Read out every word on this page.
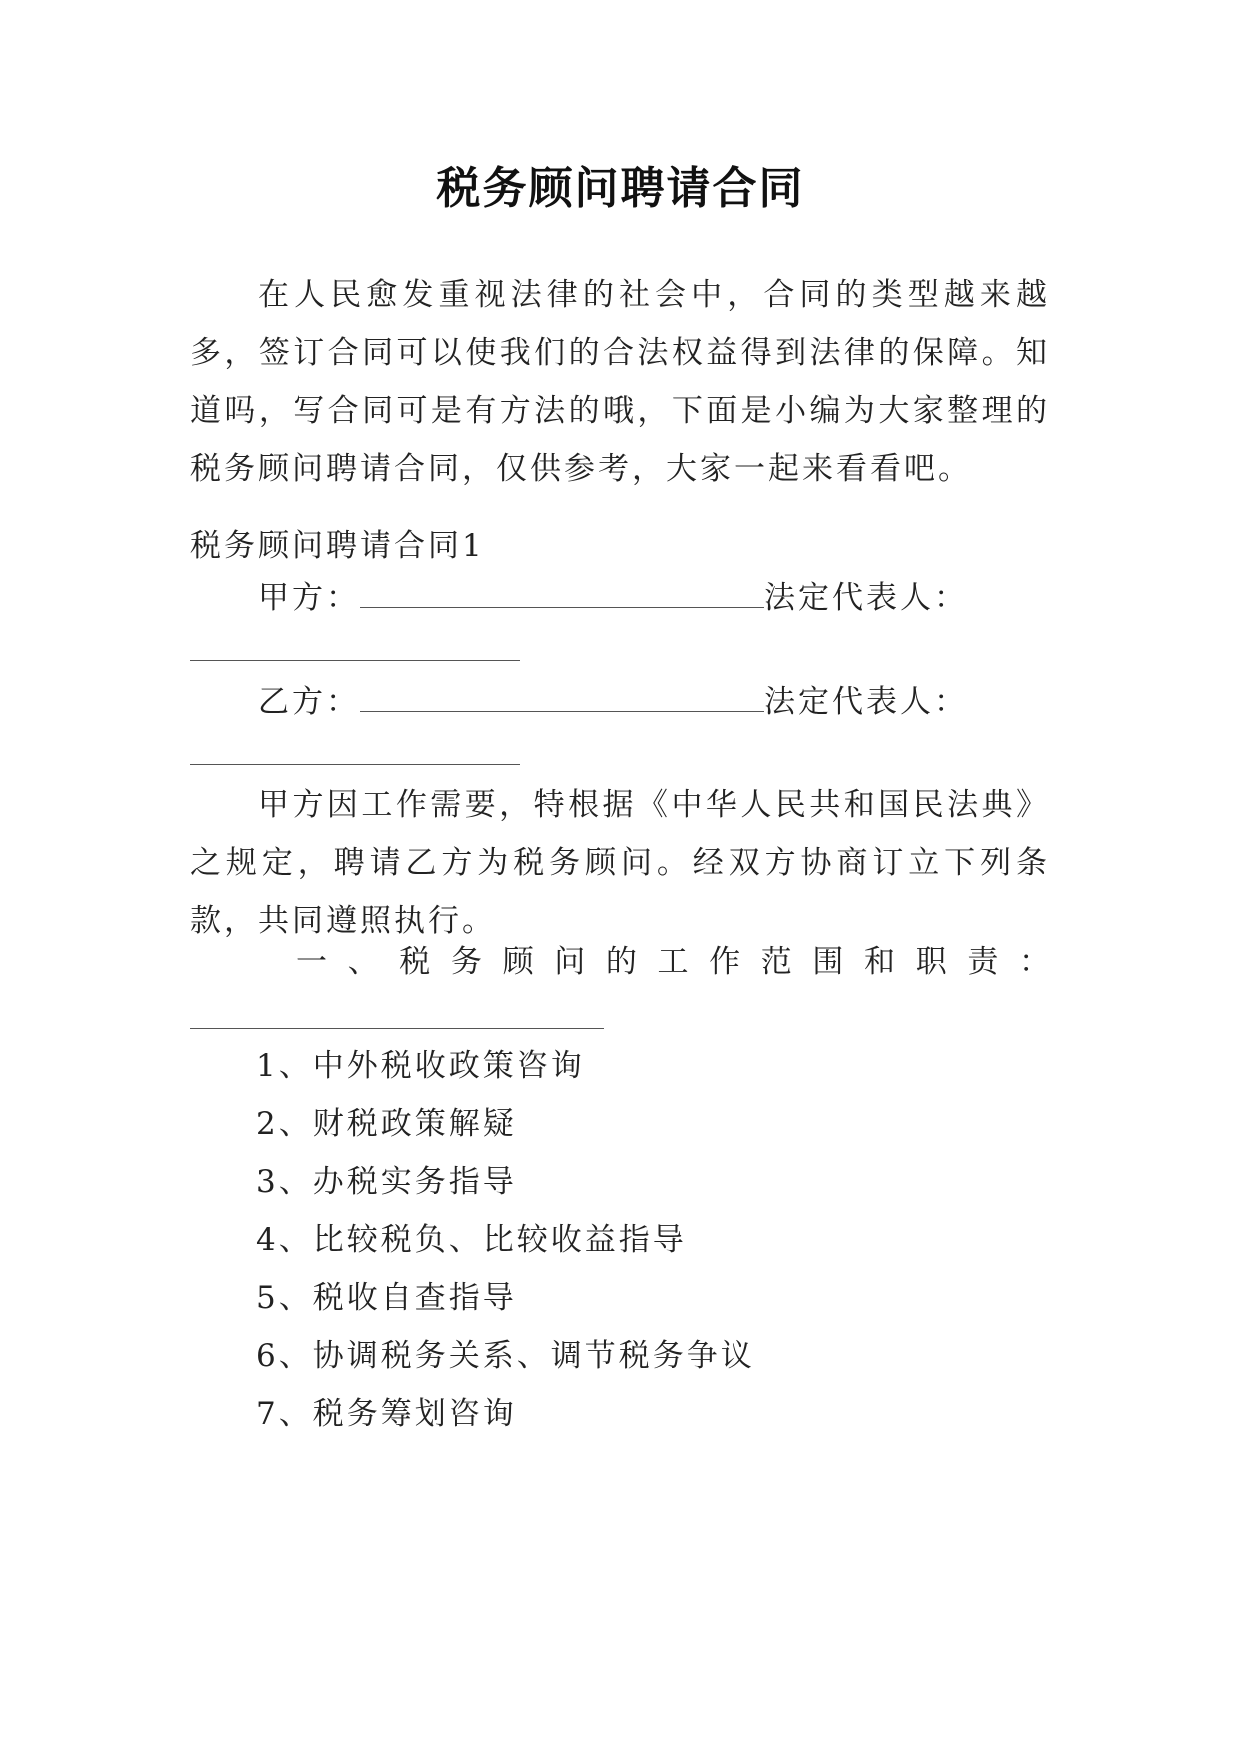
税务顾问聘请合同
在人民愈发重视法律的社会中，合同的类型越来越多，签订合同可以使我们的合法权益得到法律的保障。知道吗，写合同可是有方法的哦，下面是小编为大家整理的税务顾问聘请合同，仅供参考，大家一起来看看吧。
税务顾问聘请合同1
甲方：	法定代表人：
乙方：	法定代表人：
甲方因工作需要，特根据《中华人民共和国民法典》之规定，聘请乙方为税务顾问。经双方协商订立下列条款，共同遵照执行。
一 、 税 务 顾 问 的 工 作 范 围 和 职 责 ：
1、中外税收政策咨询
2、财税政策解疑
3、办税实务指导
4、比较税负、比较收益指导
5、税收自查指导
6、协调税务关系、调节税务争议
7、税务筹划咨询
